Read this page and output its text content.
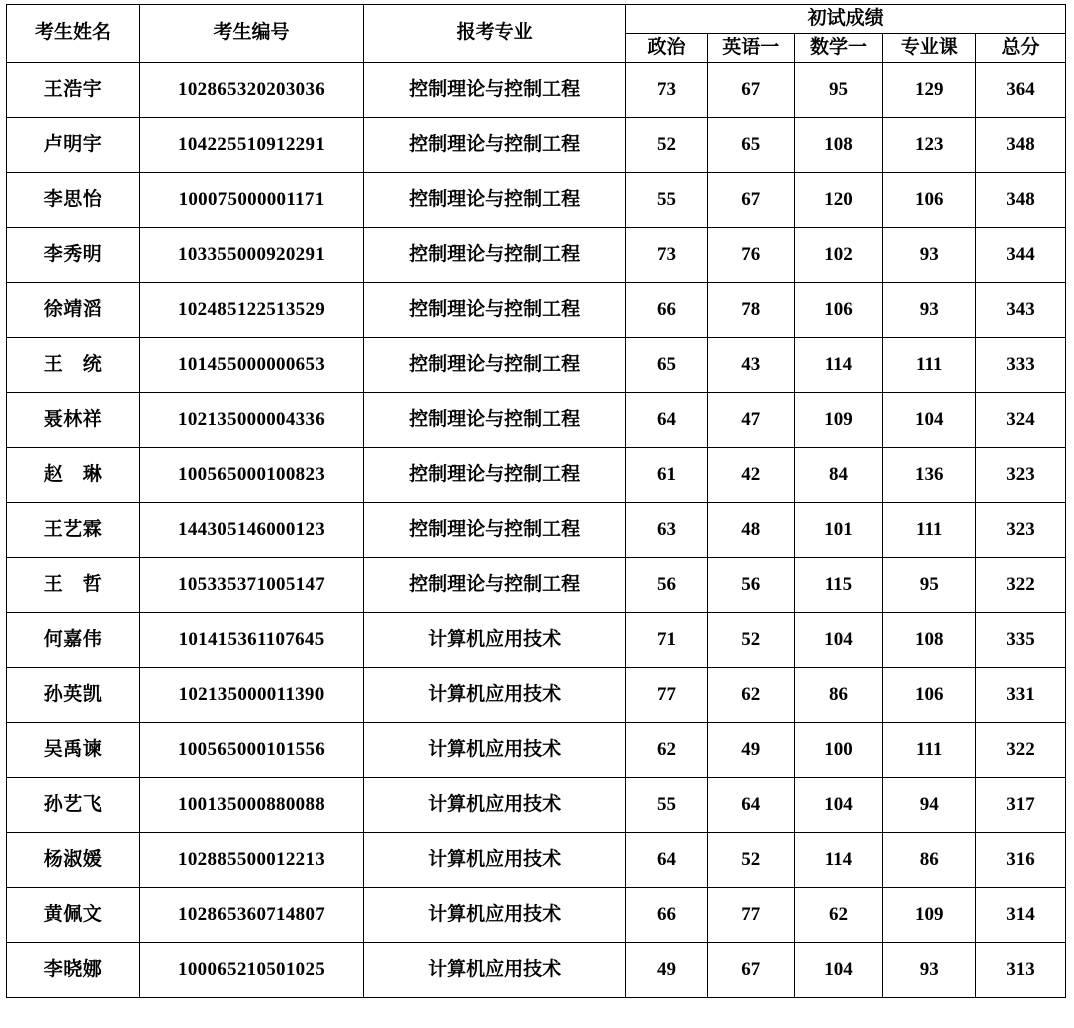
考生姓名	考生编号	报考专业	初试成绩				
			政治	英语一	数学一	专业课	总分
王浩宇	102865320203036	控制理论与控制工程	73	67	95	129	364
卢明宇	104225510912291	控制理论与控制工程	52	65	108	123	348
李思怡	100075000001171	控制理论与控制工程	55	67	120	106	348
李秀明	103355000920291	控制理论与控制工程	73	76	102	93	344
徐靖滔	102485122513529	控制理论与控制工程	66	78	106	93	343
王　统	101455000000653	控制理论与控制工程	65	43	114	111	333
聂林祥	102135000004336	控制理论与控制工程	64	47	109	104	324
赵　琳	100565000100823	控制理论与控制工程	61	42	84	136	323
王艺霖	144305146000123	控制理论与控制工程	63	48	101	111	323
王　哲	105335371005147	控制理论与控制工程	56	56	115	95	322
何嘉伟	101415361107645	计算机应用技术	71	52	104	108	335
孙英凯	102135000011390	计算机应用技术	77	62	86	106	331
吴禹谏	100565000101556	计算机应用技术	62	49	100	111	322
孙艺飞	100135000880088	计算机应用技术	55	64	104	94	317
杨淑媛	102885500012213	计算机应用技术	64	52	114	86	316
黄佩文	102865360714807	计算机应用技术	66	77	62	109	314
李晓娜	100065210501025	计算机应用技术	49	67	104	93	313
